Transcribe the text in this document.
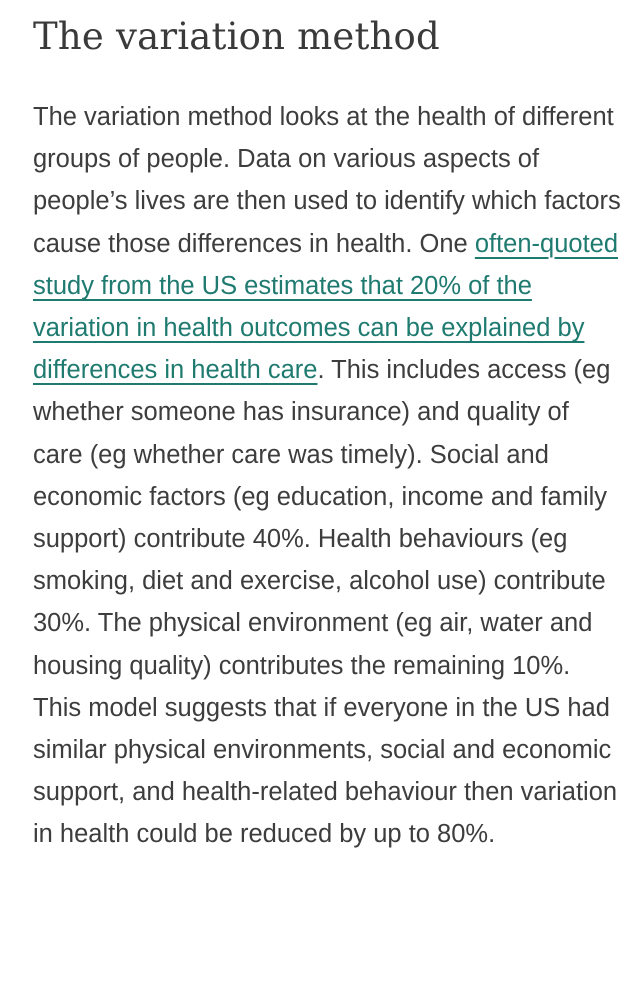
The variation method

The variation method looks at the health of different groups of people. Data on various aspects of people’s lives are then used to identify which factors cause those differences in health. One often-quoted study from the US estimates that 20% of the variation in health outcomes can be explained by differences in health care. This includes access (eg whether someone has insurance) and quality of care (eg whether care was timely). Social and economic factors (eg education, income and family support) contribute 40%. Health behaviours (eg smoking, diet and exercise, alcohol use) contribute 30%. The physical environment (eg air, water and housing quality) contributes the remaining 10%. This model suggests that if everyone in the US had similar physical environments, social and economic support, and health-related behaviour then variation in health could be reduced by up to 80%.
